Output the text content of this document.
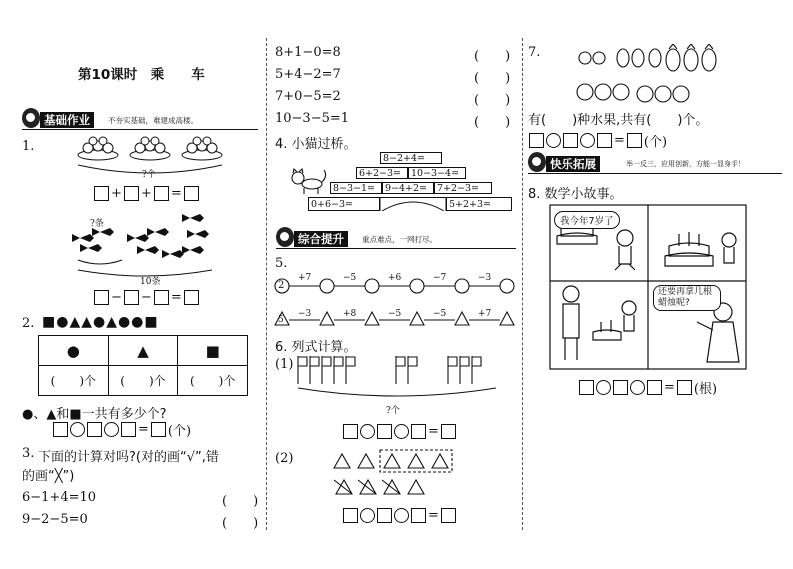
第10课时　乘　　车
基础作业	不夯实基础，难建成高楼。
1.
?个
+ + =
?条
10条
− − =
2. ■●▲▲●▲●●■
●	▲	■
(　　)个	(　　)个	(　　)个
●、▲和■一共有多少个?
= (个)
3. 下面的计算对吗?(对的画“√”,错
的画“╳”)
6−1+4=10	(　　)
9−2−5=0	(　　)
8+1−0=8	(　　)
5+4−2=7	(　　)
7+0−5=2	(　　)
10−3−5=1	(　　)
4. 小猫过桥。
8−2+4=
6+2−3=	10−3−4=
8−3−1=	9−4+2=	7+2−3=
0+6−3=	5+2+3=
综合提升	重点难点，一网打尽。
5.
2
+7	−5	+6	−7	−3
5
−3	+8	−5	−5	+7
6. 列式计算。
(1)
?个
=
(2)
=
7.
有(　　)种水果,共有(　　)个。
= (个)
快乐拓展	举一反三，应用创新，方能一显身手！
8. 数学小故事。
我今年7岁了
还要再拿几根蜡烛呢?
= (根)
